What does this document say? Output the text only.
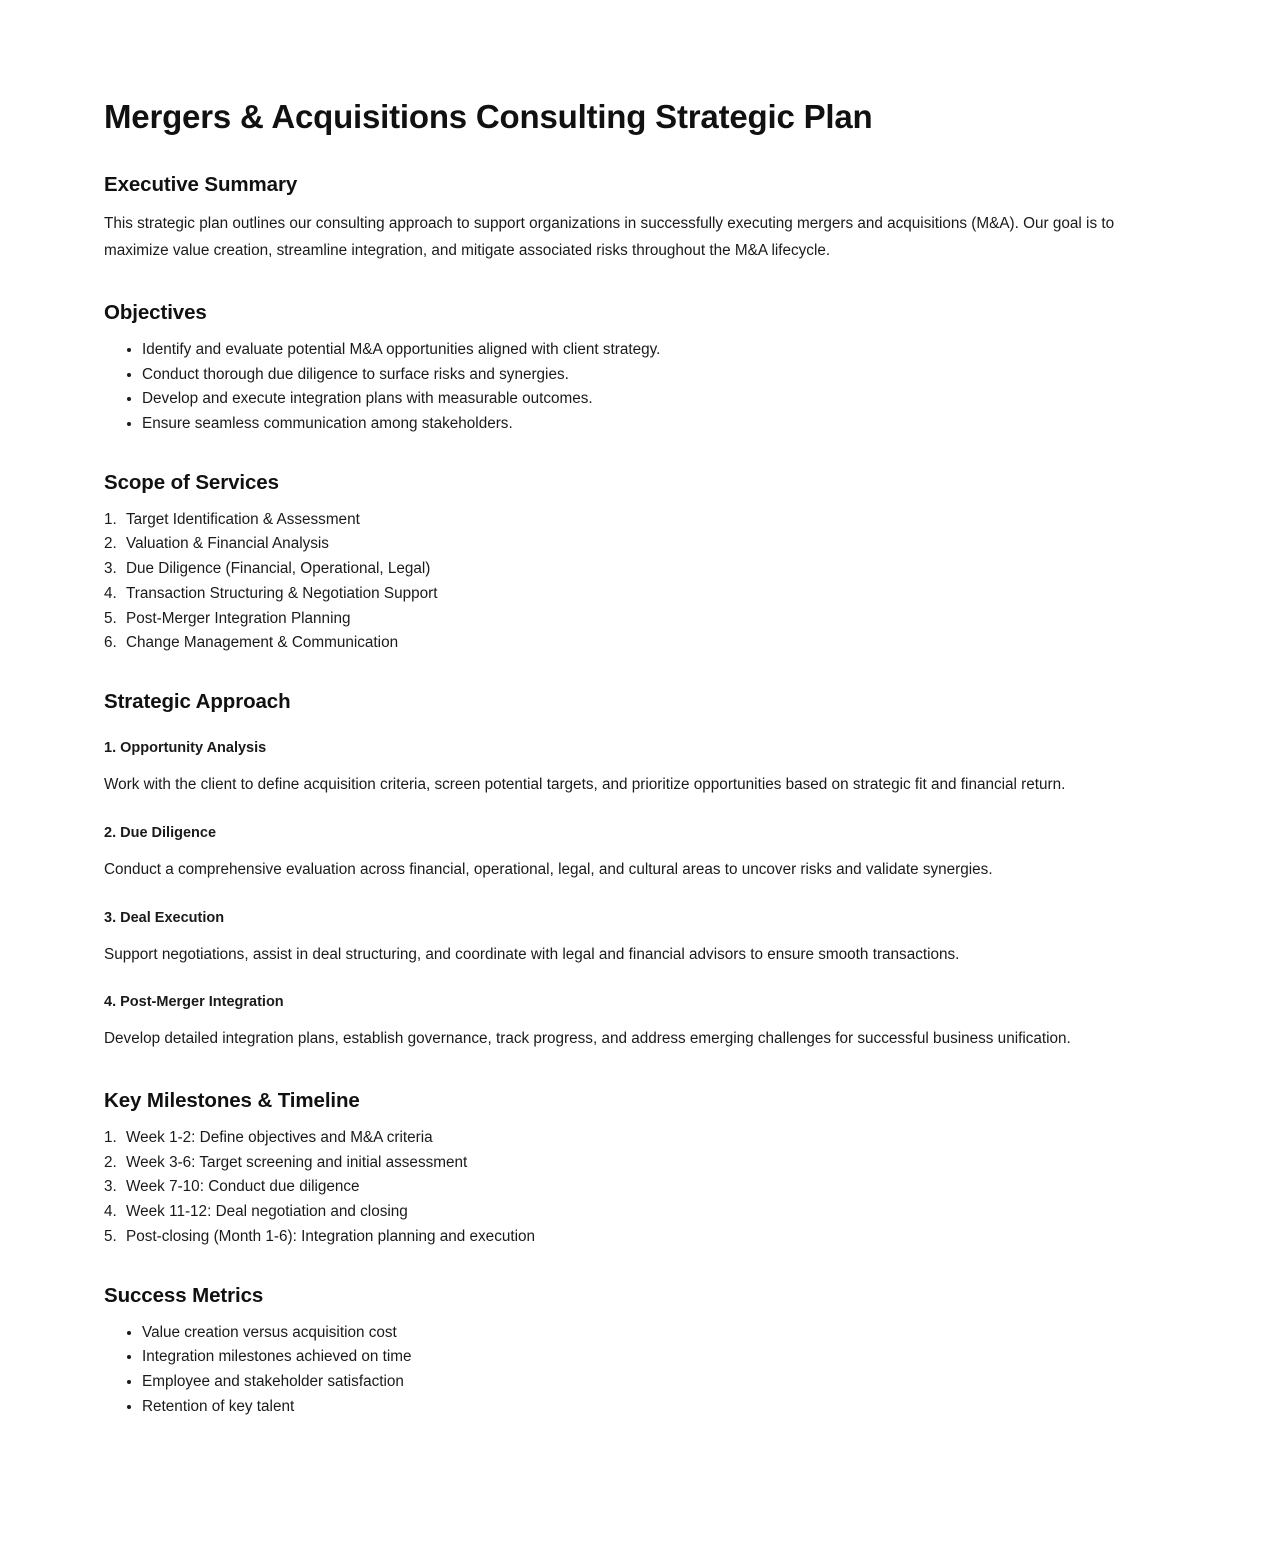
Mergers & Acquisitions Consulting Strategic Plan
Executive Summary

This strategic plan outlines our consulting approach to support organizations in successfully executing mergers and acquisitions (M&A). Our goal is to maximize value creation, streamline integration, and mitigate associated risks throughout the M&A lifecycle.

Objectives
• Identify and evaluate potential M&A opportunities aligned with client strategy.
• Conduct thorough due diligence to surface risks and synergies.
• Develop and execute integration plans with measurable outcomes.
• Ensure seamless communication among stakeholders.
Scope of Services
Target Identification & Assessment
Valuation & Financial Analysis
Due Diligence (Financial, Operational, Legal)
Transaction Structuring & Negotiation Support
Post-Merger Integration Planning
Change Management & Communication
Strategic Approach
1. Opportunity Analysis

Work with the client to define acquisition criteria, screen potential targets, and prioritize opportunities based on strategic fit and financial return.

2. Due Diligence

Conduct a comprehensive evaluation across financial, operational, legal, and cultural areas to uncover risks and validate synergies.

3. Deal Execution

Support negotiations, assist in deal structuring, and coordinate with legal and financial advisors to ensure smooth transactions.

4. Post-Merger Integration

Develop detailed integration plans, establish governance, track progress, and address emerging challenges for successful business unification.

Key Milestones & Timeline
Week 1-2: Define objectives and M&A criteria
Week 3-6: Target screening and initial assessment
Week 7-10: Conduct due diligence
Week 11-12: Deal negotiation and closing
Post-closing (Month 1-6): Integration planning and execution
Success Metrics
• Value creation versus acquisition cost
• Integration milestones achieved on time
• Employee and stakeholder satisfaction
• Retention of key talent
